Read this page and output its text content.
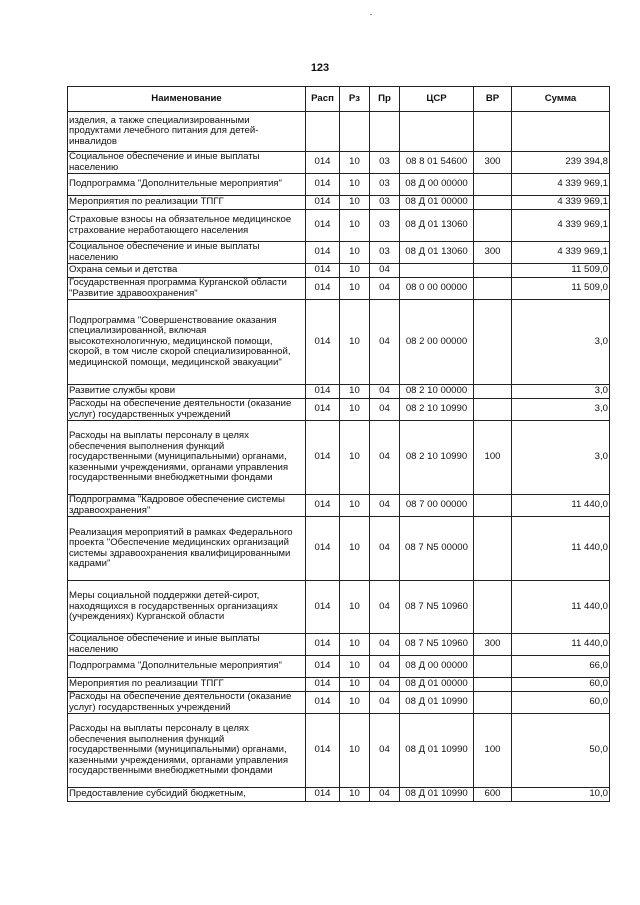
123
Наименование	Расп	Рз	Пр	ЦСР	ВР	Сумма
изделия, а также специализированными продуктами лечебного питания для детей-инвалидов						
Социальное обеспечение и иные выплаты населению	014	10	03	08 8 01 54600	300	239 394,8
Подпрограмма "Дополнительные мероприятия"	014	10	03	08 Д 00 00000		4 339 969,1
Мероприятия по реализации ТПГГ	014	10	03	08 Д 01 00000		4 339 969,1
Страховые взносы на обязательное медицинское страхование неработающего населения	014	10	03	08 Д 01 13060		4 339 969,1
Социальное обеспечение и иные выплаты населению	014	10	03	08 Д 01 13060	300	4 339 969,1
Охрана семьи и детства	014	10	04			11 509,0
Государственная программа Курганской области "Развитие здравоохранения"	014	10	04	08 0 00 00000		11 509,0
Подпрограмма "Совершенствование оказания специализированной, включая высокотехнологичную, медицинской помощи, скорой, в том числе скорой специализированной, медицинской помощи, медицинской эвакуации"	014	10	04	08 2 00 00000		3,0
Развитие службы крови	014	10	04	08 2 10 00000		3,0
Расходы на обеспечение деятельности (оказание услуг) государственных учреждений	014	10	04	08 2 10 10990		3,0
Расходы на выплаты персоналу в целях обеспечения выполнения функций государственными (муниципальными) органами, казенными учреждениями, органами управления государственными внебюджетными фондами	014	10	04	08 2 10 10990	100	3,0
Подпрограмма "Кадровое обеспечение системы здравоохранения"	014	10	04	08 7 00 00000		11 440,0
Реализация мероприятий в рамках Федерального проекта "Обеспечение медицинских организаций системы здравоохранения квалифицированными кадрами"	014	10	04	08 7 N5 00000		11 440,0
Меры социальной поддержки детей-сирот, находящихся в государственных организациях (учреждениях) Курганской области	014	10	04	08 7 N5 10960		11 440,0
Социальное обеспечение и иные выплаты населению	014	10	04	08 7 N5 10960	300	11 440,0
Подпрограмма "Дополнительные мероприятия"	014	10	04	08 Д 00 00000		66,0
Мероприятия по реализации ТПГГ	014	10	04	08 Д 01 00000		60,0
Расходы на обеспечение деятельности (оказание услуг) государственных учреждений	014	10	04	08 Д 01 10990		60,0
Расходы на выплаты персоналу в целях обеспечения выполнения функций государственными (муниципальными) органами, казенными учреждениями, органами управления государственными внебюджетными фондами	014	10	04	08 Д 01 10990	100	50,0
Предоставление субсидий бюджетным,	014	10	04	08 Д 01 10990	600	10,0
